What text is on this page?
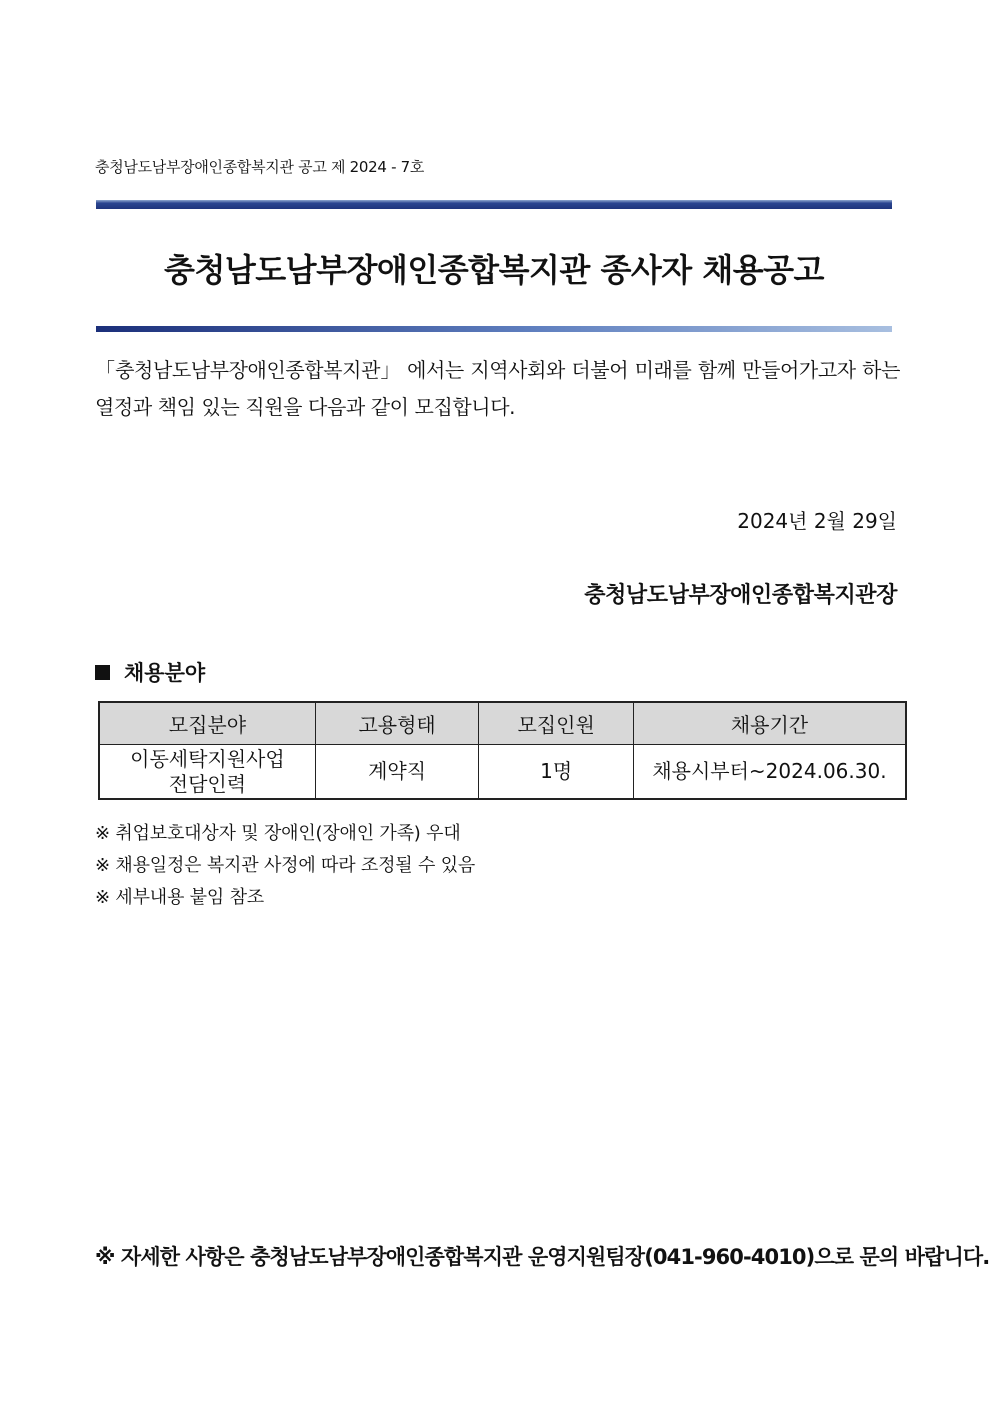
충청남도남부장애인종합복지관 공고 제 2024 - 7호
충청남도남부장애인종합복지관 종사자 채용공고
「충청남도남부장애인종합복지관」 에서는 지역사회와 더불어 미래를 함께 만들어가고자 하는 열정과 책임 있는 직원을 다음과 같이 모집합니다.
2024년 2월 29일
충청남도남부장애인종합복지관장
채용분야
모집분야	고용형태	모집인원	채용기간

이동세탁지원사업
전담인력	계약직	1명	채용시부터~2024.06.30.
※ 취업보호대상자 및 장애인(장애인 가족) 우대
※ 채용일정은 복지관 사정에 따라 조정될 수 있음
※ 세부내용 붙임 참조
※ 자세한 사항은 충청남도남부장애인종합복지관 운영지원팀장(041-960-4010)으로 문의 바랍니다.
